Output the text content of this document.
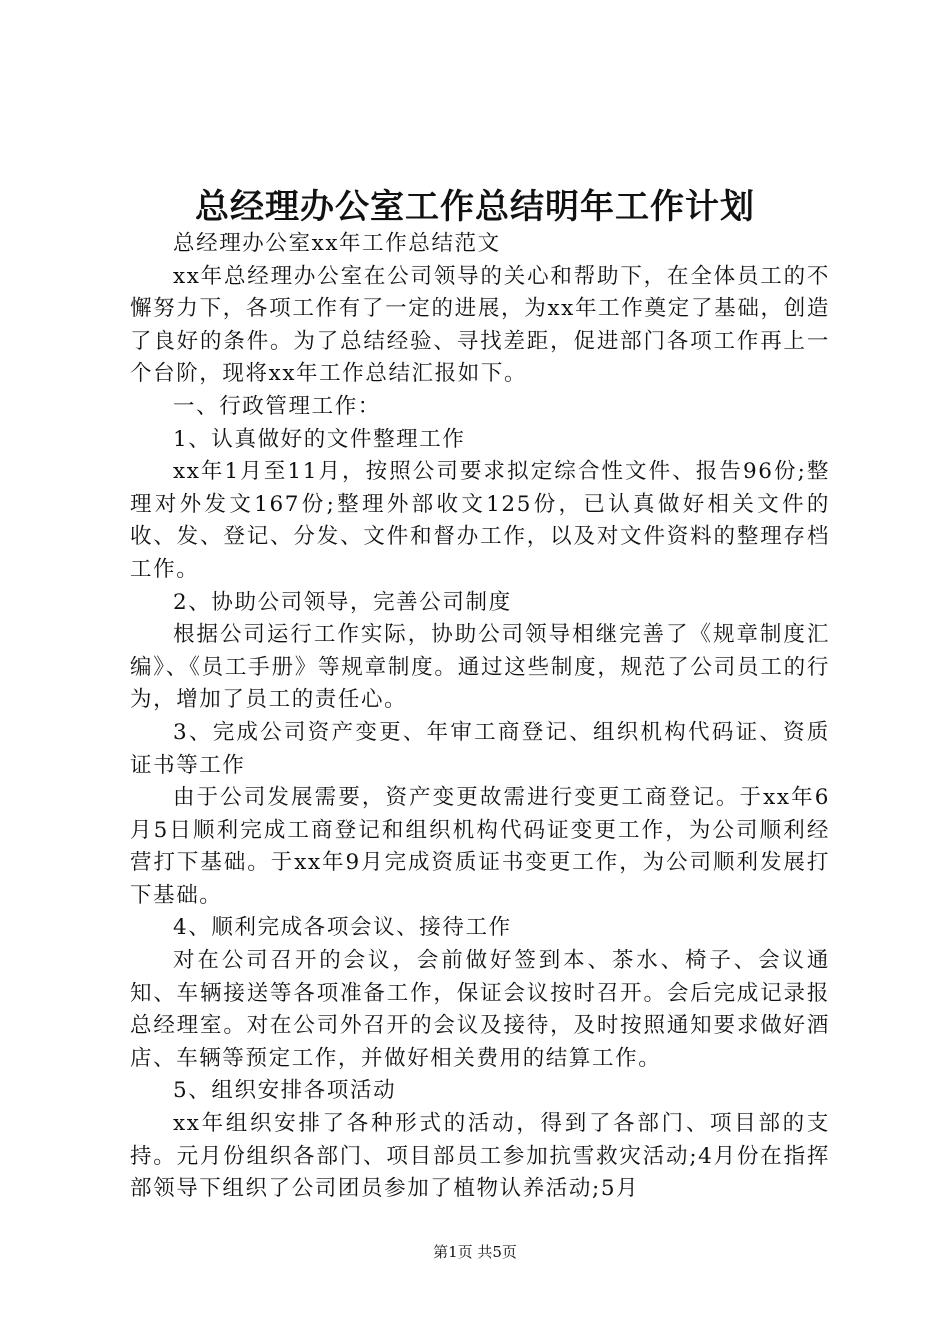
总经理办公室工作总结明年工作计划

总经理办公室xx年工作总结范文

xx年总经理办公室在公司领导的关心和帮助下，在全体员工的不懈努力下，各项工作有了一定的进展，为xx年工作奠定了基础，创造了良好的条件。为了总结经验、寻找差距，促进部门各项工作再上一个台阶，现将xx年工作总结汇报如下。

一、行政管理工作：

1、认真做好的文件整理工作

xx年1月至11月，按照公司要求拟定综合性文件、报告96份;整理对外发文167份;整理外部收文125份，已认真做好相关文件的收、发、登记、分发、文件和督办工作，以及对文件资料的整理存档工作。

2、协助公司领导，完善公司制度

根据公司运行工作实际，协助公司领导相继完善了《规章制度汇编》、《员工手册》等规章制度。通过这些制度，规范了公司员工的行为，增加了员工的责任心。

3、完成公司资产变更、年审工商登记、组织机构代码证、资质证书等工作

由于公司发展需要，资产变更故需进行变更工商登记。于xx年6月5日顺利完成工商登记和组织机构代码证变更工作，为公司顺利经营打下基础。于xx年9月完成资质证书变更工作，为公司顺利发展打下基础。

4、顺利完成各项会议、接待工作

对在公司召开的会议，会前做好签到本、茶水、椅子、会议通知、车辆接送等各项准备工作，保证会议按时召开。会后完成记录报总经理室。对在公司外召开的会议及接待，及时按照通知要求做好酒店、车辆等预定工作，并做好相关费用的结算工作。

5、组织安排各项活动

xx年组织安排了各种形式的活动，得到了各部门、项目部的支持。元月份组织各部门、项目部员工参加抗雪救灾活动;4月份在指挥部领导下组织了公司团员参加了植物认养活动;5月

第1页 共5页
